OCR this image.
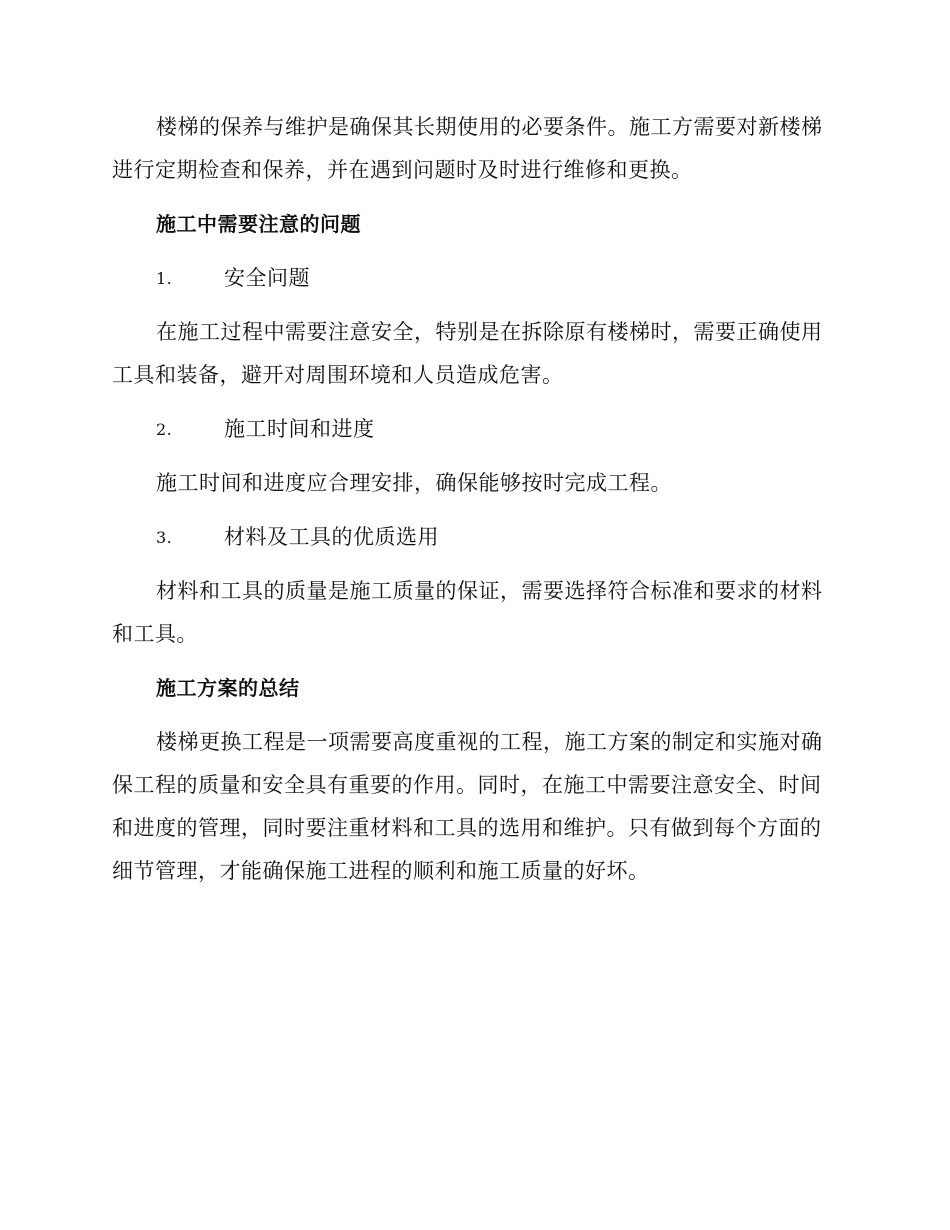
楼梯的保养与维护是确保其长期使用的必要条件。施工方需要对新楼梯进行定期检查和保养，并在遇到问题时及时进行维修和更换。

施工中需要注意的问题
1.	安全问题

在施工过程中需要注意安全，特别是在拆除原有楼梯时，需要正确使用工具和装备，避开对周围环境和人员造成危害。

2.	施工时间和进度

施工时间和进度应合理安排，确保能够按时完成工程。

3.	材料及工具的优质选用

材料和工具的质量是施工质量的保证，需要选择符合标准和要求的材料和工具。

施工方案的总结

楼梯更换工程是一项需要高度重视的工程，施工方案的制定和实施对确保工程的质量和安全具有重要的作用。同时，在施工中需要注意安全、时间和进度的管理，同时要注重材料和工具的选用和维护。只有做到每个方面的细节管理，才能确保施工进程的顺利和施工质量的好坏。
